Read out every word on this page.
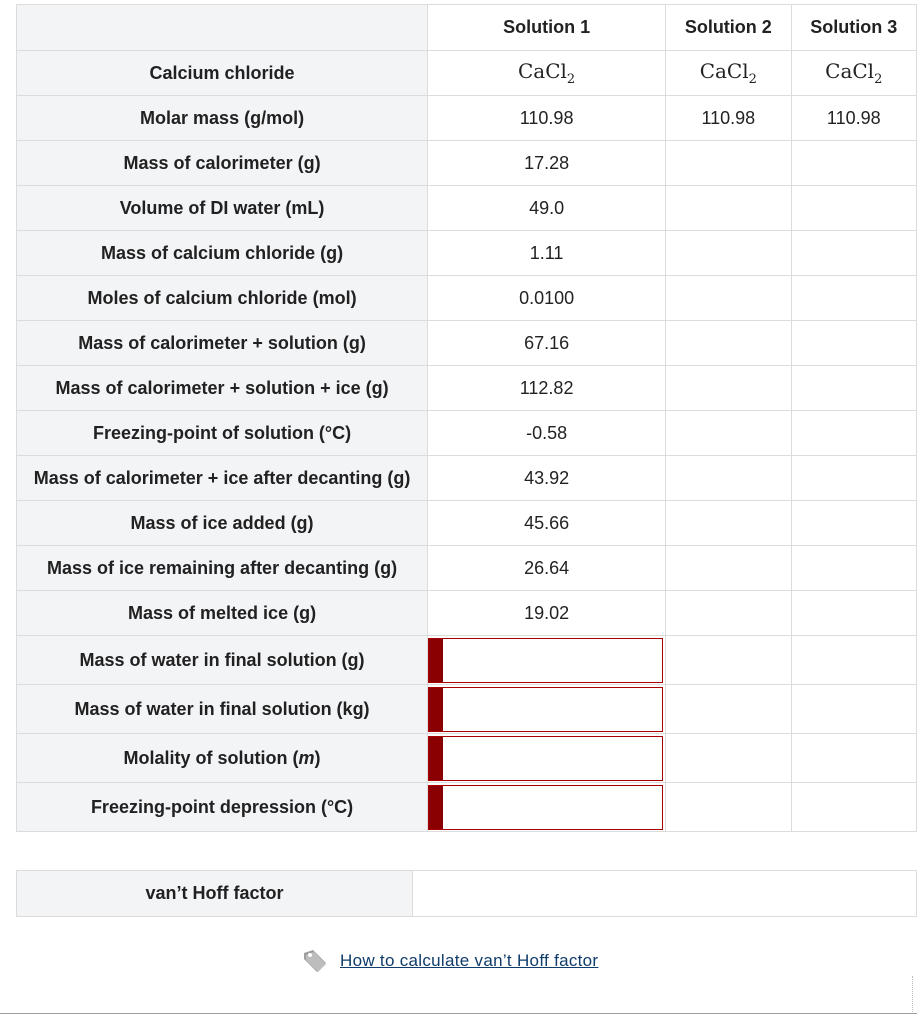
	Solution 1	Solution 2	Solution 3
Calcium chloride	CaCl$_2$	CaCl$_2$	CaCl$_2$
Molar mass (g/mol)	110.98	110.98	110.98
Mass of calorimeter (g)	17.28		
Volume of DI water (mL)	49.0		
Mass of calcium chloride (g)	1.11		
Moles of calcium chloride (mol)	0.0100		
Mass of calorimeter + solution (g)	67.16		
Mass of calorimeter + solution + ice (g)	112.82		
Freezing-point of solution (°C)	-0.58		
Mass of calorimeter + ice after decanting (g)	43.92		
Mass of ice added (g)	45.66		
Mass of ice remaining after decanting (g)	26.64		
Mass of melted ice (g)	19.02		
Mass of water in final solution (g)	

Mass of water in final solution (kg)	

Molality of solution (m)	

Freezing-point depression (°C)	

van’t Hoff factor	
How to calculate van’t Hoff factor
